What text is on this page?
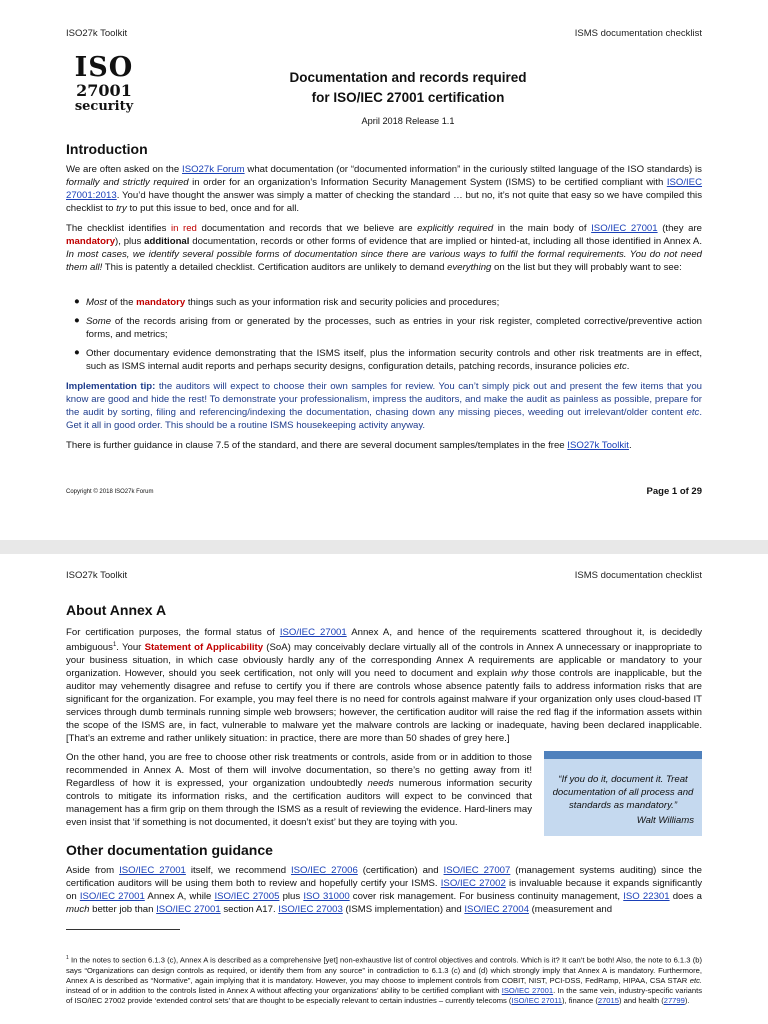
ISO27k Toolkit	ISMS documentation checklist
ISO
27001
security
Documentation and records required
for ISO/IEC 27001 certification
April 2018 Release 1.1
Introduction

We are often asked on the ISO27k Forum what documentation (or “documented information” in the curiously stilted language of the ISO standards) is formally and strictly required in order for an organization’s Information Security Management System (ISMS) to be certified compliant with ISO/IEC 27001:2013. You’d have thought the answer was simply a matter of checking the standard … but no, it’s not quite that easy so we have compiled this checklist to try to put this issue to bed, once and for all.

The checklist identifies in red documentation and records that we believe are explicitly required in the main body of ISO/IEC 27001 (they are mandatory), plus additional documentation, records or other forms of evidence that are implied or hinted-at, including all those identified in Annex A. In most cases, we identify several possible forms of documentation since there are various ways to fulfil the formal requirements. You do not need them all! This is patently a detailed checklist. Certification auditors are unlikely to demand everything on the list but they will probably want to see:

● Most of the mandatory things such as your information risk and security policies and procedures;

● Some of the records arising from or generated by the processes, such as entries in your risk register, completed corrective/preventive action forms, and metrics;

● Other documentary evidence demonstrating that the ISMS itself, plus the information security controls and other risk treatments are in effect, such as ISMS internal audit reports and perhaps security designs, configuration details, patching records, insurance policies etc.

Implementation tip: the auditors will expect to choose their own samples for review. You can’t simply pick out and present the few items that you know are good and hide the rest! To demonstrate your professionalism, impress the auditors, and make the audit as painless as possible, prepare for the audit by sorting, filing and referencing/indexing the documentation, chasing down any missing pieces, weeding out irrelevant/older content etc. Get it all in good order. This should be a routine ISMS housekeeping activity anyway.

There is further guidance in clause 7.5 of the standard, and there are several document samples/templates in the free ISO27k Toolkit.

Copyright © 2018 ISO27k Forum	Page 1 of 29
ISO27k Toolkit	ISMS documentation checklist
About Annex A

For certification purposes, the formal status of ISO/IEC 27001 Annex A, and hence of the requirements scattered throughout it, is decidedly ambiguous$^1$. Your Statement of Applicability (SoA) may conceivably declare virtually all of the controls in Annex A unnecessary or inappropriate to your business situation, in which case obviously hardly any of the corresponding Annex A requirements are applicable or mandatory to your organization. However, should you seek certification, not only will you need to document and explain why those controls are inapplicable, but the auditor may vehemently disagree and refuse to certify you if there are controls whose absence patently fails to address information risks that are significant for the organization. For example, you may feel there is no need for controls against malware if your organization only uses cloud-based IT services through dumb terminals running simple web browsers; however, the certification auditor will raise the red flag if the information assets within the scope of the ISMS are, in fact, vulnerable to malware yet the malware controls are lacking or inadequate, having been declared inapplicable. [That’s an extreme and rather unlikely situation: in practice, there are more than 50 shades of grey here.]

On the other hand, you are free to choose other risk treatments or controls, aside from or in addition to those recommended in Annex A. Most of them will involve documentation, so there’s no getting away from it! Regardless of how it is expressed, your organization undoubtedly needs numerous information security controls to mitigate its information risks, and the certification auditors will expect to be convinced that management has a firm grip on them through the ISMS as a result of reviewing the evidence. Hard-liners may even insist that ‘if something is not documented, it doesn’t exist’ but they are toying with you.

“If you do it, document it. Treat documentation of all process and standards as mandatory.”
Walt Williams
Other documentation guidance

Aside from ISO/IEC 27001 itself, we recommend ISO/IEC 27006 (certification) and ISO/IEC 27007 (management systems auditing) since the certification auditors will be using them both to review and hopefully certify your ISMS. ISO/IEC 27002 is invaluable because it expands significantly on ISO/IEC 27001 Annex A, while ISO/IEC 27005 plus ISO 31000 cover risk management. For business continuity management, ISO 22301 does a much better job than ISO/IEC 27001 section A17. ISO/IEC 27003 (ISMS implementation) and ISO/IEC 27004 (measurement and

$^1$ In the notes to section 6.1.3 (c), Annex A is described as a comprehensive [yet] non-exhaustive list of control objectives and controls. Which is it? It can’t be both! Also, the note to 6.1.3 (b) says “Organizations can design controls as required, or identify them from any source” in contradiction to 6.1.3 (c) and (d) which strongly imply that Annex A is mandatory. Furthermore, Annex A is described as “Normative”, again implying that it is mandatory. However, you may choose to implement controls from COBIT, NIST, PCI-DSS, FedRamp, HIPAA, CSA STAR etc. instead of or in addition to the controls listed in Annex A without affecting your organizations’ ability to be certified compliant with ISO/IEC 27001. In the same vein, industry-specific variants of ISO/IEC 27002 provide ‘extended control sets’ that are thought to be especially relevant to certain industries – currently telecoms (ISO/IEC 27011), finance (27015) and health (27799).
